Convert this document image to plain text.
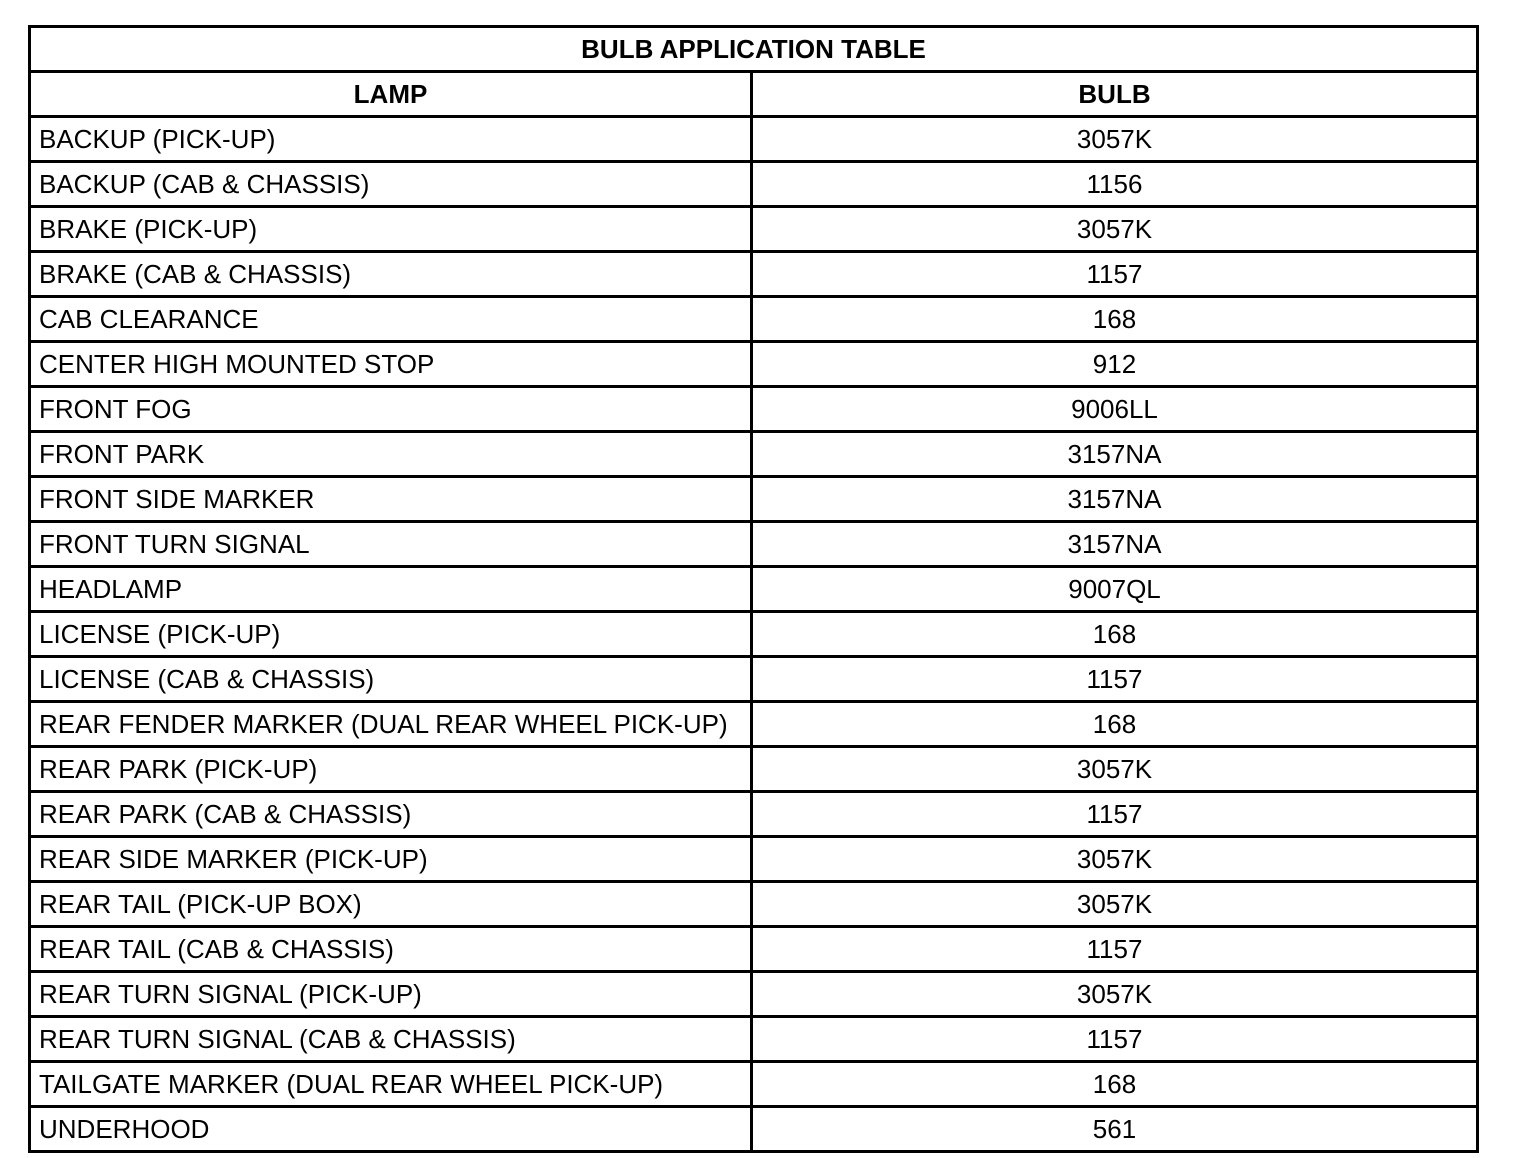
BULB APPLICATION TABLE	
LAMP	BULB
BACKUP (PICK-UP)	3057K
BACKUP (CAB & CHASSIS)	1156
BRAKE (PICK-UP)	3057K
BRAKE (CAB & CHASSIS)	1157
CAB CLEARANCE	168
CENTER HIGH MOUNTED STOP	912
FRONT FOG	9006LL
FRONT PARK	3157NA
FRONT SIDE MARKER	3157NA
FRONT TURN SIGNAL	3157NA
HEADLAMP	9007QL
LICENSE (PICK-UP)	168
LICENSE (CAB & CHASSIS)	1157
REAR FENDER MARKER (DUAL REAR WHEEL PICK-UP)	168
REAR PARK (PICK-UP)	3057K
REAR PARK (CAB & CHASSIS)	1157
REAR SIDE MARKER (PICK-UP)	3057K
REAR TAIL (PICK-UP BOX)	3057K
REAR TAIL (CAB & CHASSIS)	1157
REAR TURN SIGNAL (PICK-UP)	3057K
REAR TURN SIGNAL (CAB & CHASSIS)	1157
TAILGATE MARKER (DUAL REAR WHEEL PICK-UP)	168
UNDERHOOD	561
